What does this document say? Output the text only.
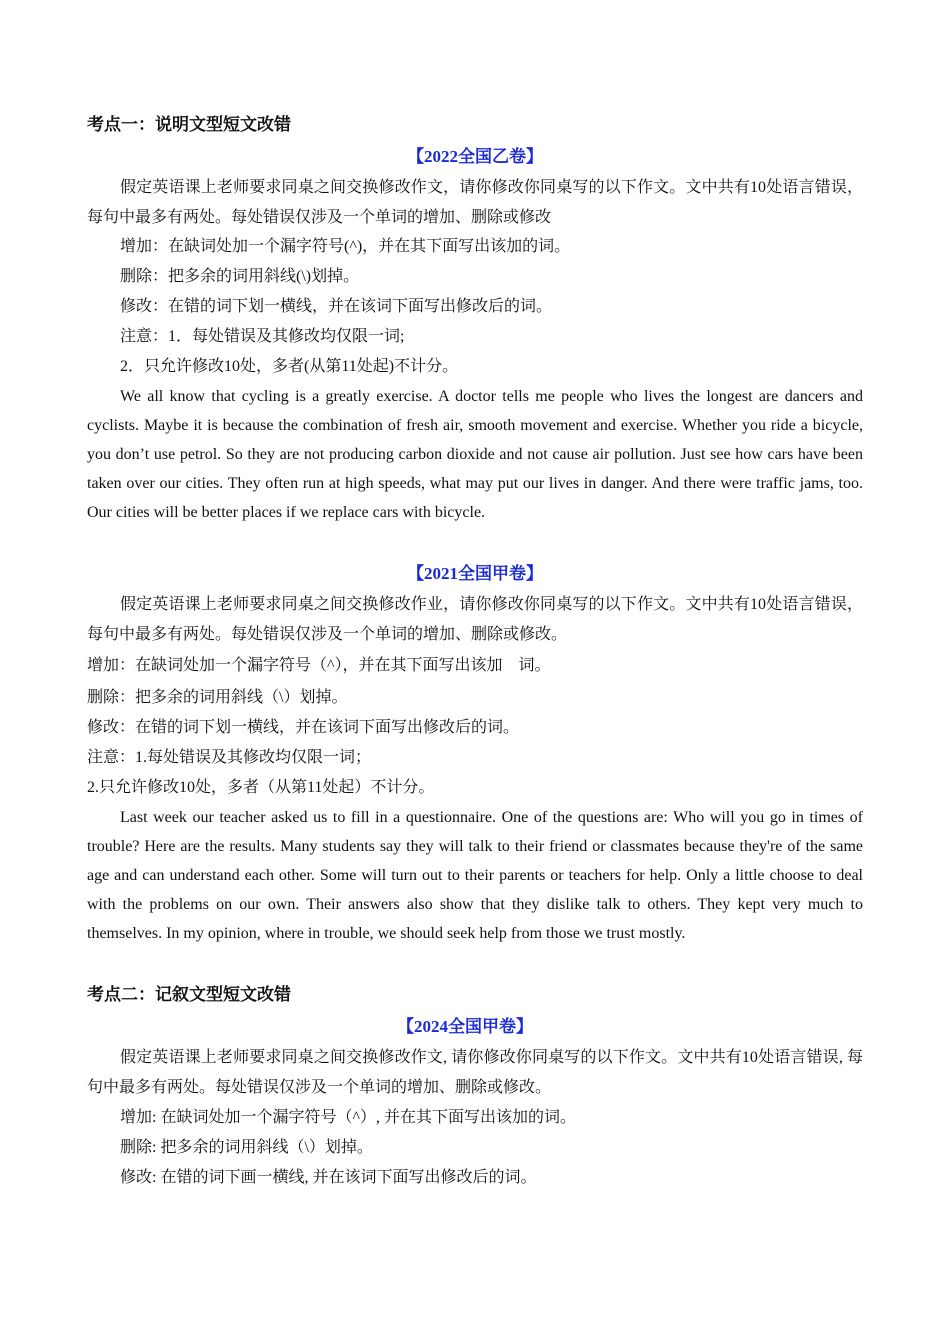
考点一：说明文型短文改错

【2022全国乙卷】

假定英语课上老师要求同桌之间交换修改作文，请你修改你同桌写的以下作文。文中共有10处语言错误，每句中最多有两处。每处错误仅涉及一个单词的增加、删除或修改

增加：在缺词处加一个漏字符号(^)，并在其下面写出该加的词。

删除：把多余的词用斜线(\)划掉。

修改：在错的词下划一横线，并在该词下面写出修改后的词。

注意：1．每处错误及其修改均仅限一词;

2．只允许修改10处，多者(从第11处起)不计分。

We all know that cycling is a greatly exercise. A doctor tells me people who lives the longest are dancers and cyclists. Maybe it is because the combination of fresh air, smooth movement and exercise. Whether you ride a bicycle, you don’t use petrol. So they are not producing carbon dioxide and not cause air pollution. Just see how cars have been taken over our cities. They often run at high speeds, what may put our lives in danger. And there were traffic jams, too. Our cities will be better places if we replace cars with bicycle.

【2021全国甲卷】

假定英语课上老师要求同桌之间交换修改作业，请你修改你同桌写的以下作文。文中共有10处语言错误，每句中最多有两处。每处错误仅涉及一个单词的增加、删除或修改。

增加：在缺词处加一个漏字符号（^），并在其下面写出该加　词。

删除：把多余的词用斜线（\）划掉。

修改：在错的词下划一横线，并在该词下面写出修改后的词。

注意：1.每处错误及其修改均仅限一词；

2.只允许修改10处，多者（从第11处起）不计分。

Last week our teacher asked us to fill in a questionnaire. One of the questions are: Who will you go in times of trouble? Here are the results. Many students say they will talk to their friend or classmates because they're of the same age and can understand each other. Some will turn out to their parents or teachers for help. Only a little choose to deal with the problems on our own. Their answers also show that they dislike talk to others. They kept very much to themselves. In my opinion, where in trouble, we should seek help from those we trust mostly.

考点二：记叙文型短文改错

【2024全国甲卷】

假定英语课上老师要求同桌之间交换修改作文, 请你修改你同桌写的以下作文。文中共有10处语言错误, 每句中最多有两处。每处错误仅涉及一个单词的增加、删除或修改。

增加: 在缺词处加一个漏字符号（^）, 并在其下面写出该加的词。

删除: 把多余的词用斜线（\）划掉。

修改: 在错的词下画一横线, 并在该词下面写出修改后的词。
